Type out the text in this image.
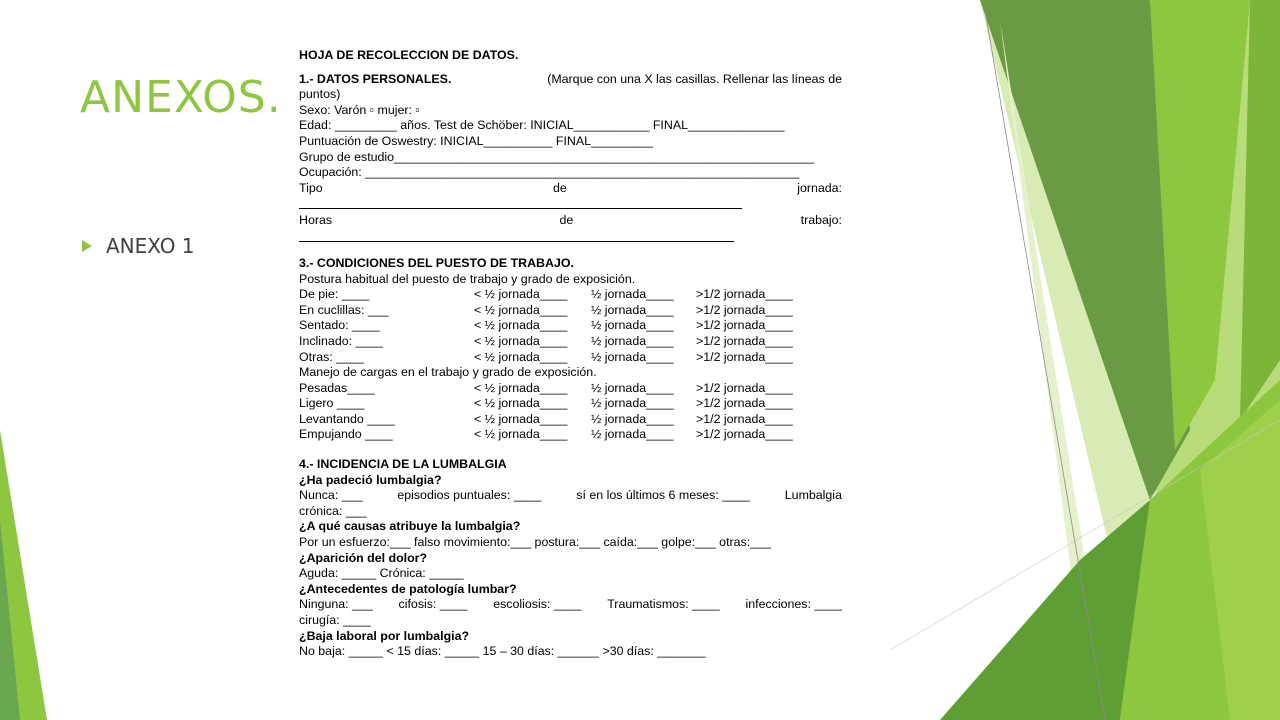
ANEXOS.
ANEXO 1
HOJA DE RECOLECCION DE DATOS.
1.- DATOS PERSONALES.	(Marque con una X las casillas. Rellenar las líneas de
puntos)
Sexo: Varón ▫ mujer: ▫
Edad: _________ años. Test de Schöber: INICIAL___________ FINAL______________
Puntuación de Oswestry: INICIAL__________ FINAL_________
Grupo de estudio_____________________________________________________________
Ocupación: _______________________________________________________________
Tipo	de	jornada:
Horas	de	trabajo:
3.- CONDICIONES DEL PUESTO DE TRABAJO.
Postura habitual del puesto de trabajo y grado de exposición.
De pie: ____	< ½ jornada____	½ jornada____	>1/2 jornada____
En cuclillas: ___	< ½ jornada____	½ jornada____	>1/2 jornada____
Sentado: ____	< ½ jornada____	½ jornada____	>1/2 jornada____
Inclinado: ____	< ½ jornada____	½ jornada____	>1/2 jornada____
Otras: ____	< ½ jornada____	½ jornada____	>1/2 jornada____
Manejo de cargas en el trabajo y grado de exposición.
Pesadas____	< ½ jornada____	½ jornada____	>1/2 jornada____
Ligero ____	< ½ jornada____	½ jornada____	>1/2 jornada____
Levantando ____	< ½ jornada____	½ jornada____	>1/2 jornada____
Empujando ____	< ½ jornada____	½ jornada____	>1/2 jornada____
4.- INCIDENCIA DE LA LUMBALGIA
¿Ha padeció lumbalgia?
Nunca: ___	episodios puntuales: ____	sí en los últimos 6 meses: ____	Lumbalgia
crónica: ___
¿A qué causas atribuye la lumbalgia?
Por un esfuerzo:___ falso movimiento:___ postura:___ caída:___ golpe:___ otras:___
¿Aparición del dolor?
Aguda: _____ Crónica: _____
¿Antecedentes de patología lumbar?
Ninguna: ___ cifosis: ____ escoliosis: ____ Traumatismos: ____ infecciones: ____
cirugía: ____
¿Baja laboral por lumbalgia?
No baja: _____ < 15 días: _____ 15 – 30 días: ______ >30 días: _______
